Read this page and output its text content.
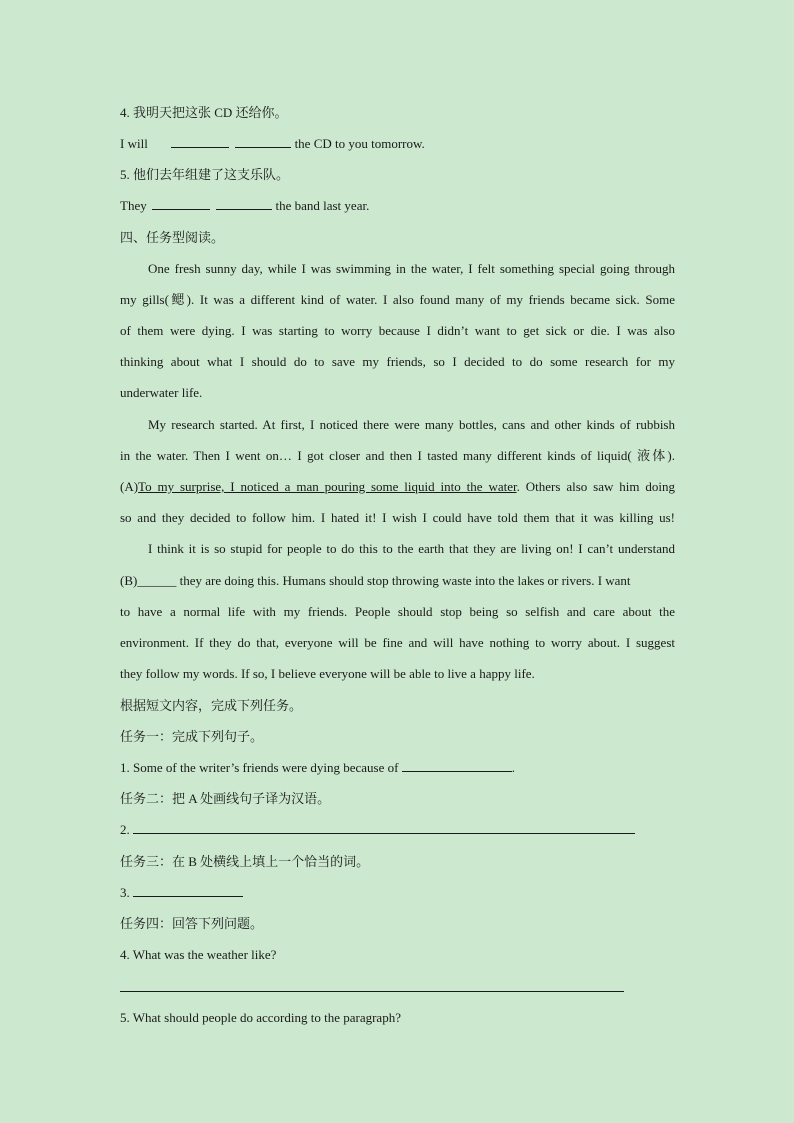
4. 我明天把这张 CD 还给你。
I will	the CD to you tomorrow.
5. 他们去年组建了这支乐队。
They	the band last year.
四、任务型阅读。
One fresh sunny day, while I was swimming in the water, I felt something special going through
my gills(鳃). It was a different kind of water. I also found many of my friends became sick. Some
of them were dying. I was starting to worry because I didn’t want to get sick or die. I was also
thinking about what I should do to save my friends, so I decided to do some research for my
underwater life.
My research started. At first, I noticed there were many bottles, cans and other kinds of rubbish
in the water. Then I went on… I got closer and then I tasted many different kinds of liquid( 液体).
(A)To my surprise, I noticed a man pouring some liquid into the water. Others also saw him doing
so and they decided to follow him. I hated it! I wish I could have told them that it was killing us!
I think it is so stupid for people to do this to the earth that they are living on! I can’t understand
(B)______ they are doing this. Humans should stop throwing waste into the lakes or rivers. I want
to have a normal life with my friends. People should stop being so selfish and care about the
environment. If they do that, everyone will be fine and will have nothing to worry about. I suggest
they follow my words. If so, I believe everyone will be able to live a happy life.
根据短文内容，完成下列任务。
任务一：完成下列句子。
1. Some of the writer’s friends were dying because of	.
任务二：把 A 处画线句子译为汉语。
2.
任务三：在 B 处横线上填上一个恰当的词。
3.
任务四：回答下列问题。
4. What was the weather like?
5. What should people do according to the paragraph?
